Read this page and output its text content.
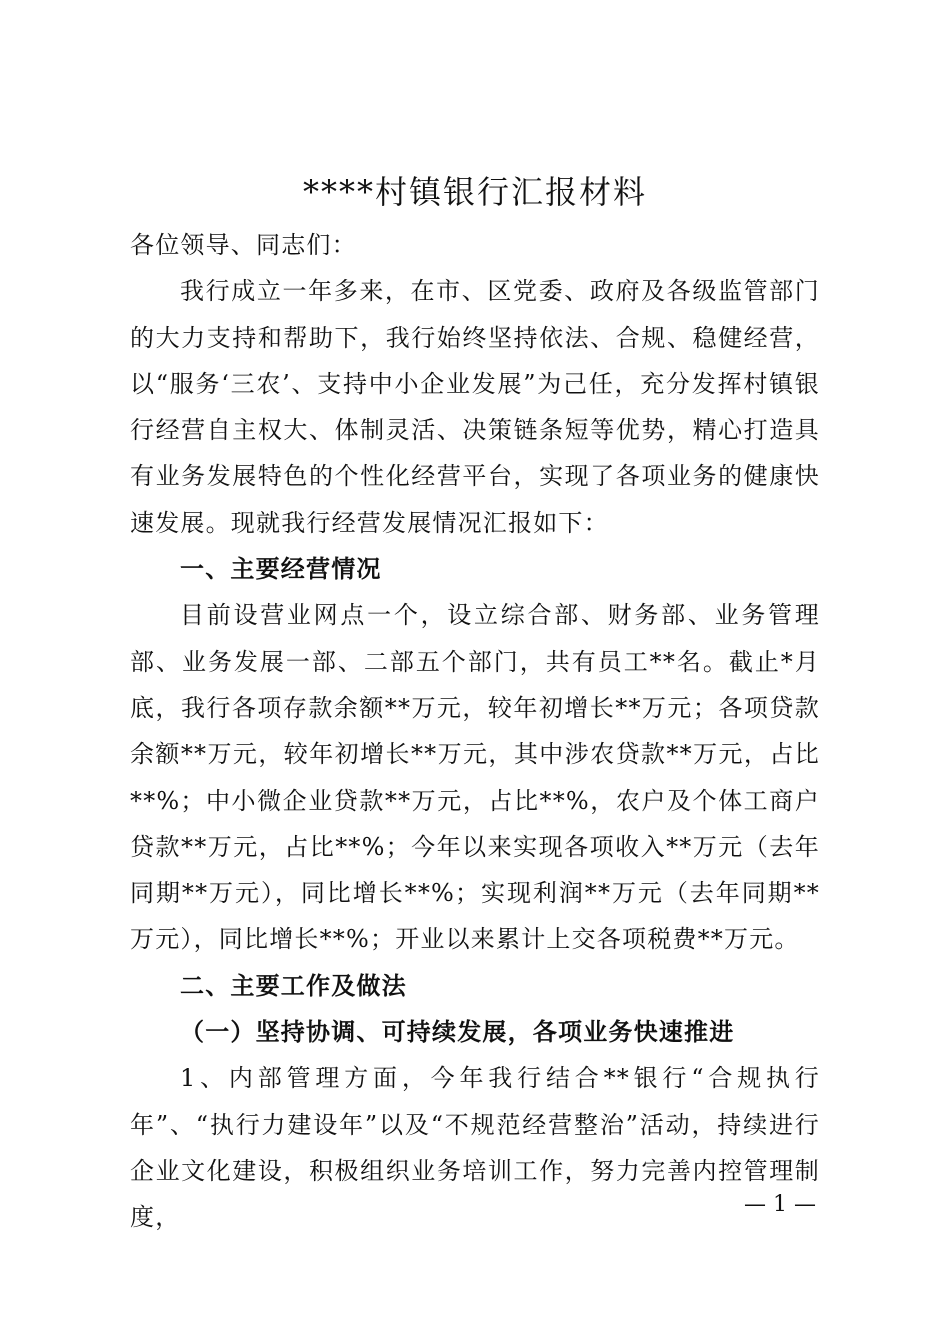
****村镇银行汇报材料

各位领导、同志们：

我行成立一年多来，在市、区党委、政府及各级监管部门的大力支持和帮助下，我行始终坚持依法、合规、稳健经营，以“服务‘三农’、支持中小企业发展”为己任，充分发挥村镇银行经营自主权大、体制灵活、决策链条短等优势，精心打造具有业务发展特色的个性化经营平台，实现了各项业务的健康快速发展。现就我行经营发展情况汇报如下：

一、主要经营情况

目前设营业网点一个，设立综合部、财务部、业务管理部、业务发展一部、二部五个部门，共有员工**名。截止*月底，我行各项存款余额**万元，较年初增长**万元；各项贷款余额**万元，较年初增长**万元，其中涉农贷款**万元，占比**%；中小微企业贷款**万元，占比**%，农户及个体工商户贷款**万元，占比**%；今年以来实现各项收入**万元（去年同期**万元），同比增长**%；实现利润**万元（去年同期**万元），同比增长**%；开业以来累计上交各项税费**万元。

二、主要工作及做法

（一）坚持协调、可持续发展，各项业务快速推进

1、内部管理方面，今年我行结合**银行“合规执行年”、“执行力建设年”以及“不规范经营整治”活动，持续进行企业文化建设，积极组织业务培训工作，努力完善内控管理制度，	— 1 —
